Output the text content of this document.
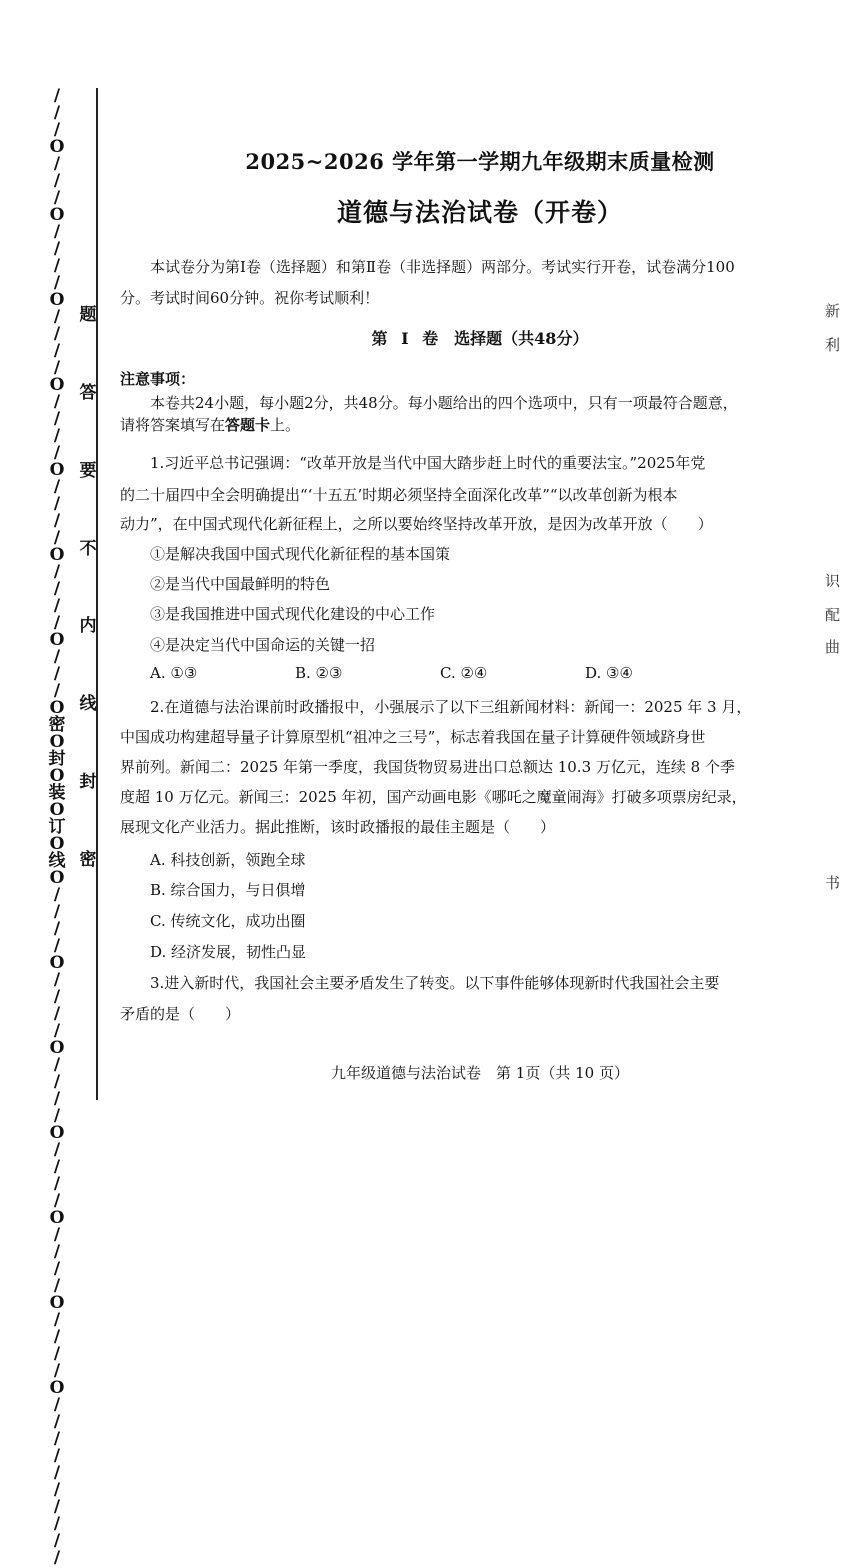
/
/
/
O
/
/
/
O
/
/
/
/
O
/
/
/
/
O
/
/
/
/
O
/
/
/
/
O
/
/
/
/
O
/
/
/
O
密
O
封
O
装
O
订
O
线
O
/
/
/
/
O
/
/
/
/
O
/
/
/
/
O
/
/
/
/
O
/
/
/
/
O
/
/
/
/
O
/
/
/
/
/
/
/
/
/
/
题
答
要
不
内
线
封
密
2025~2026 学年第一学期九年级期末质量检测
道德与法治试卷（开卷）
本试卷分为第Ⅰ卷（选择题）和第Ⅱ卷（非选择题）两部分。考试实行开卷，试卷满分100分。考试时间60分钟。祝你考试顺利！
第 Ⅰ 卷　选择题（共48分）
注意事项：
本卷共24小题，每小题2分，共48分。每小题给出的四个选项中，只有一项最符合题意，
请将答案填写在答题卡上。
1.习近平总书记强调：“改革开放是当代中国大踏步赶上时代的重要法宝。”2025年党
的二十届四中全会明确提出“‘十五五’时期必须坚持全面深化改革”“以改革创新为根本
动力”，在中国式现代化新征程上，之所以要始终坚持改革开放，是因为改革开放（　　）
①是解决我国中国式现代化新征程的基本国策
②是当代中国最鲜明的特色
③是我国推进中国式现代化建设的中心工作
④是决定当代中国命运的关键一招
A. ①③	B. ②③	C. ②④	D. ③④
2.在道德与法治课前时政播报中，小强展示了以下三组新闻材料：新闻一：2025 年 3 月，
中国成功构建超导量子计算原型机“祖冲之三号”，标志着我国在量子计算硬件领域跻身世
界前列。新闻二：2025 年第一季度，我国货物贸易进出口总额达 10.3 万亿元，连续 8 个季
度超 10 万亿元。新闻三：2025 年初，国产动画电影《哪吒之魔童闹海》打破多项票房纪录，
展现文化产业活力。据此推断，该时政播报的最佳主题是（　　）
A. 科技创新，领跑全球
B. 综合国力，与日俱增
C. 传统文化，成功出圈
D. 经济发展，韧性凸显
3.进入新时代，我国社会主要矛盾发生了转变。以下事件能够体现新时代我国社会主要
矛盾的是（　　）
九年级道德与法治试卷　第 1页（共 10 页）
新
利
识
配
曲
书
